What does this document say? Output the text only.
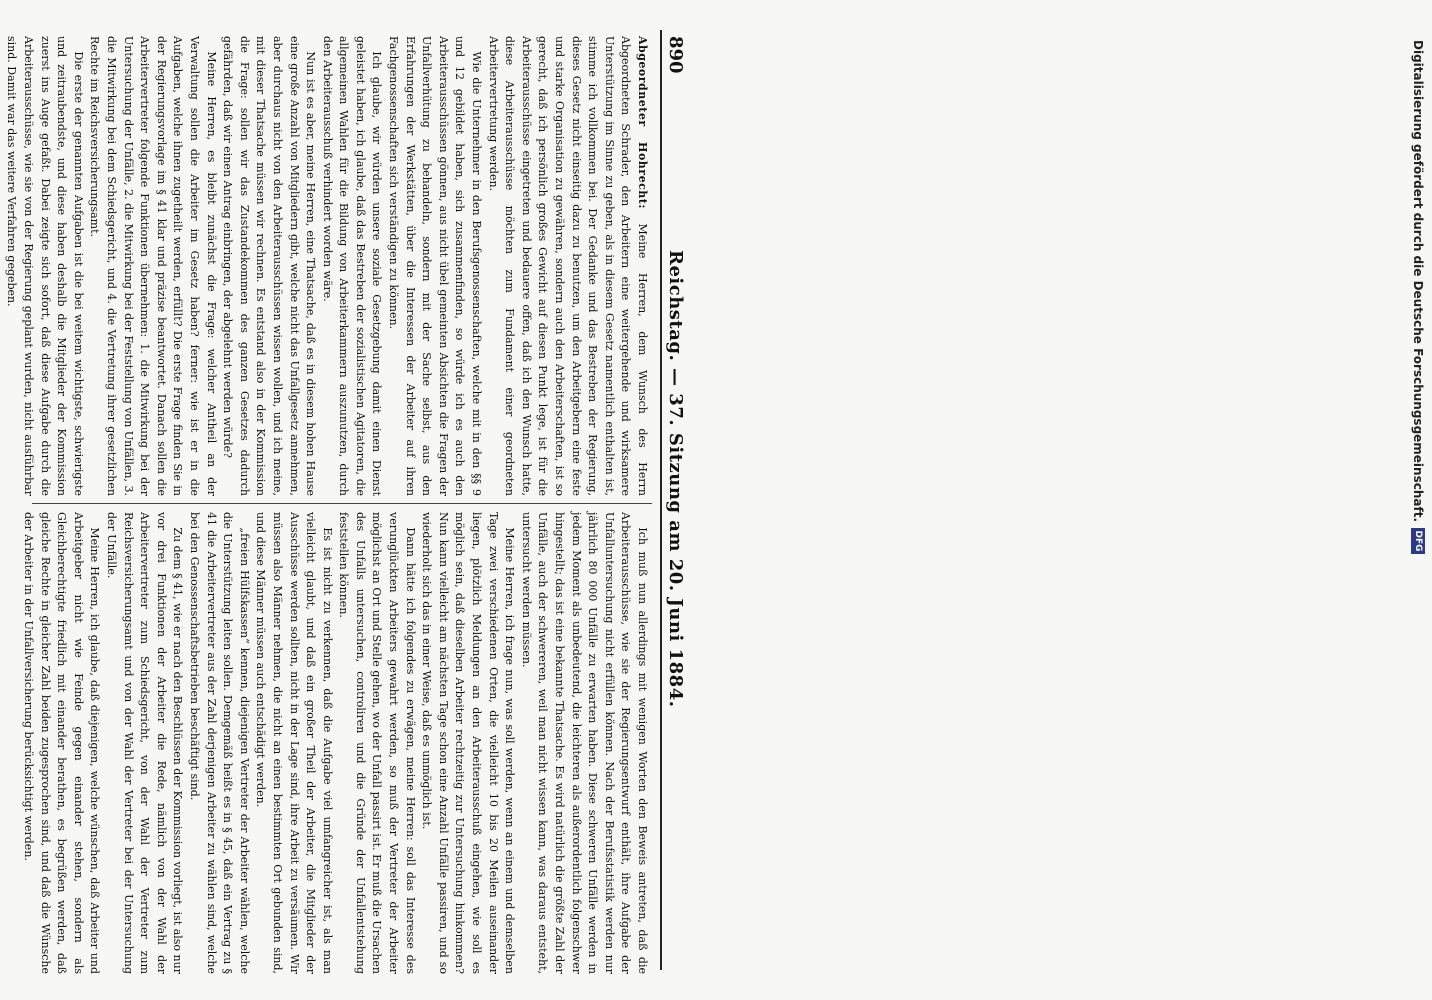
Digitalisierung gefördert durch die Deutsche Forschungsgemeinschaft.
DFG
890
Reichstag. — 37. Sitzung am 20. Juni 1884.

Abgeordneter Hohrecht: Meine Herren, dem Wunsch des Herrn Abgeordneten Schrader, den Arbeitern eine weitergehende und wirksamere Unterstützung im Sinne zu geben, als in diesem Gesetz namentlich enthalten ist, stimme ich vollkommen bei. Der Gedanke und das Bestreben der Regierung, dieses Gesetz nicht einseitig dazu zu benutzen, um den Arbeitgebern eine feste und starke Organisation zu gewähren, sondern auch den Arbeiterschaften, ist so gerecht, daß ich persönlich großes Gewicht auf diesen Punkt lege, ist für die Arbeiterausschüsse eingetreten und bedauere offen, daß ich den Wunsch hatte, diese Arbeiterausschüsse möchten zum Fundament einer geordneten Arbeitervertretung werden.

Wie die Unternehmer in den Berufsgenossenschaften, welche mit in den §§ 9 und 12 gebildet haben, sich zusammenfinden, so würde ich es auch den Arbeiterausschüssen gönnen, aus nicht übel gemeinten Absichten die Fragen der Unfallverhütung zu behandeln, sondern mit der Sache selbst, aus den Erfahrungen der Werkstätten, über die Interessen der Arbeiter auf ihren Fachgenossenschaften sich verständigen zu können.

Ich glaube, wir würden unsere soziale Gesetzgebung damit einen Dienst geleistet haben, ich glaube, daß das Bestreben der sozialistischen Agitatoren, die allgemeinen Wahlen für die Bildung von Arbeiterkammern auszunutzen, durch den Arbeiterausschuß verhindert worden wäre.

Nun ist es aber, meine Herren, eine Thatsache, daß es in diesem hohen Hause eine große Anzahl von Mitgliedern gibt, welche nicht das Unfallgesetz annehmen, aber durchaus nicht von den Arbeiterausschüssen wissen wollen, und ich meine, mit dieser Thatsache müssen wir rechnen. Es entstand also in der Kommission die Frage: sollen wir das Zustandekommen des ganzen Gesetzes dadurch gefährden, daß wir einen Antrag einbringen, der abgelehnt werden würde?

Meine Herren, es bleibt zunächst die Frage: welcher Antheil an der Verwaltung sollen die Arbeiter im Gesetz haben? ferner: wie ist er in die Aufgaben, welche ihnen zugetheilt werden, erfüllt? Die erste Frage finden Sie in der Regierungsvorlage im § 41 klar und präzise beantwortet. Danach sollen die Arbeitervertreter folgende Funktionen übernehmen: 1. die Mitwirkung bei der Untersuchung der Unfälle, 2. die Mitwirkung bei der Feststellung von Unfällen, 3. die Mitwirkung bei dem Schiedsgericht, und 4. die Vertretung ihrer gesetzlichen Rechte im Reichsversicherungsamt.

Die erste der genannten Aufgaben ist die bei weitem wichtigste, schwierigste und zeitraubendste, und diese haben deshalb die Mitglieder der Kommission zuerst ins Auge gefaßt. Dabei zeigte sich sofort, daß diese Aufgabe durch die Arbeiterausschüsse, wie sie von der Regierung geplant wurden, nicht ausführbar sind. Damit war das weitere Verfahren gegeben.

Ich muß nun allerdings mit wenigen Worten den Beweis antreten, daß die Arbeiterausschüsse, wie sie der Regierungsentwurf enthält, ihre Aufgabe der Unfalluntersuchung nicht erfüllen können. Nach der Berufsstatistik werden nur jährlich 80 000 Unfälle zu erwarten haben. Diese schweren Unfälle werden in jedem Moment als unbedeutend, die leichteren als außerordentlich folgenschwer hingestellt; das ist eine bekannte Thatsache. Es wird natürlich die größte Zahl der Unfälle, auch der schwereren, weil man nicht wissen kann, was daraus entsteht, untersucht werden müssen.

Meine Herren, ich frage nun, was soll werden, wenn an einem und demselben Tage zwei verschiedenen Orten, die vielleicht 10 bis 20 Meilen auseinander liegen, plötzlich Meldungen an den Arbeiterausschuß eingehen, wie soll es möglich sein, daß dieselben Arbeiter rechtzeitig zur Untersuchung hinkommen? Nun kann vielleicht am nächsten Tage schon eine Anzahl Unfälle passiren, und so wiederholt sich das in einer Weise, daß es unmöglich ist.

Dann hätte ich folgendes zu erwägen, meine Herren: soll das Interesse des verunglückten Arbeiters gewahrt werden, so muß der Vertreter der Arbeiter möglichst an Ort und Stelle gehen, wo der Unfall passirt ist. Er muß die Ursachen des Unfalls untersuchen, controliren und die Gründe der Unfallentstehung feststellen können.

Es ist nicht zu verkennen, daß die Aufgabe viel umfangreicher ist, als man vielleicht glaubt, und daß ein großer Theil der Arbeiter, die Mitglieder der Ausschüsse werden sollten, nicht in der Lage sind, ihre Arbeit zu versäumen. Wir müssen also Männer nehmen, die nicht an einen bestimmten Ort gebunden sind, und diese Männer müssen auch entschädigt werden.

„freien Hülfskassen“ kennen, diejenigen Vertreter der Arbeiter wählen, welche die Unterstützung leiten sollen. Demgemäß heißt es in § 45, daß ein Vertrag zu § 41 die Arbeitervertreter aus der Zahl derjenigen Arbeiter zu wählen sind, welche bei den Genossenschaftsbetrieben beschäftigt sind.

Zu dem § 41, wie er nach den Beschlüssen der Kommission vorliegt, ist also nur vor drei Funktionen der Arbeiter die Rede, nämlich von der Wahl der Arbeitervertreter zum Schiedsgericht, von der Wahl der Vertreter zum Reichsversicherungsamt und von der Wahl der Vertreter bei der Untersuchung der Unfälle.

Meine Herren, ich glaube, daß diejenigen, welche wünschen, daß Arbeiter und Arbeitgeber nicht wie Feinde gegen einander stehen, sondern als Gleichberechtigte friedlich mit einander berathen, es begrüßen werden, daß gleiche Rechte in gleicher Zahl beiden zugesprochen sind, und daß die Wünsche der Arbeiter in der Unfallversicherung berücksichtigt werden.
